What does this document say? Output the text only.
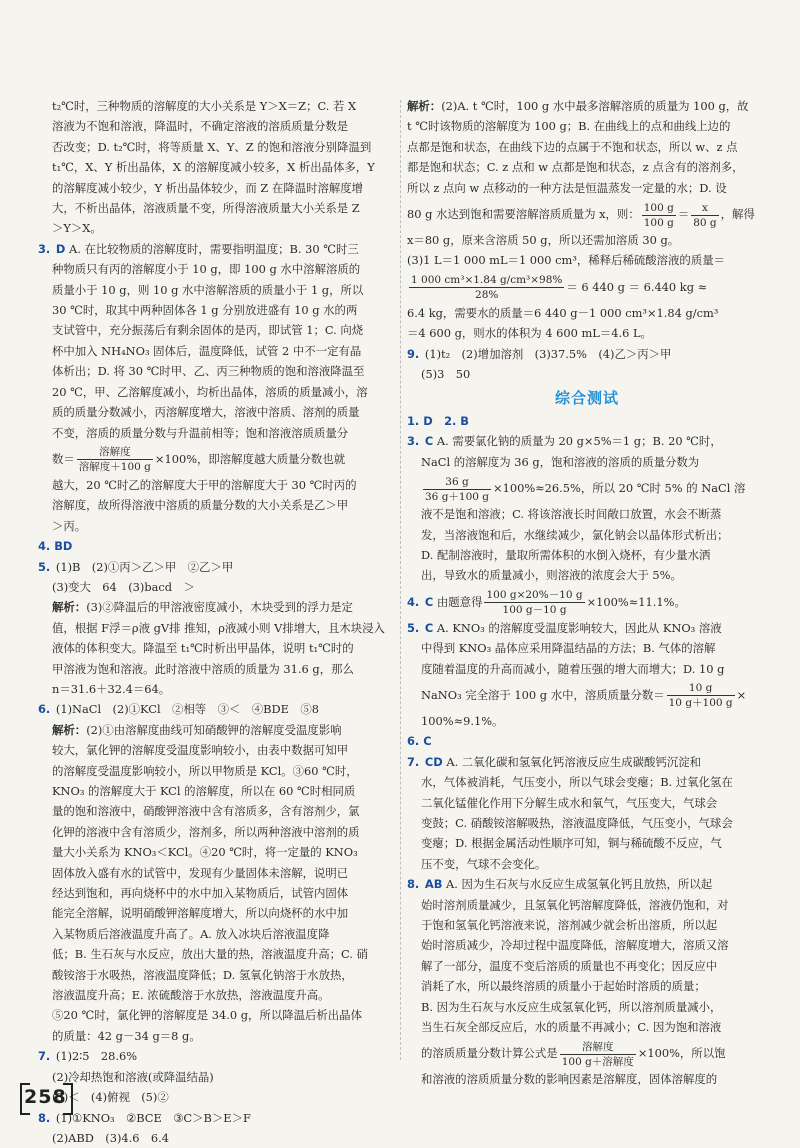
t₂℃时，三种物质的溶解度的大小关系是 Y＞X＝Z；C. 若 X

溶液为不饱和溶液，降温时，不确定溶液的溶质质量分数是

否改变；D. t₂℃时，将等质量 X、Y、Z 的饱和溶液分别降温到

t₁℃，X、Y 析出晶体，X 的溶解度减小较多，X 析出晶体多，Y

的溶解度减小较少，Y 析出晶体较少，而 Z 在降温时溶解度增

大，不析出晶体，溶液质量不变，所得溶液质量大小关系是 Z

＞Y＞X。

3. D A. 在比较物质的溶解度时，需要指明温度；B. 30 ℃时三

种物质只有丙的溶解度小于 10 g，即 100 g 水中溶解溶质的

质量小于 10 g，则 10 g 水中溶解溶质的质量小于 1 g，所以

30 ℃时，取其中两种固体各 1 g 分别放进盛有 10 g 水的两

支试管中，充分振荡后有剩余固体的是丙，即试管 1；C. 向烧

杯中加入 NH₄NO₃ 固体后，温度降低，试管 2 中不一定有晶

体析出；D. 将 30 ℃时甲、乙、丙三种物质的饱和溶液降温至

20 ℃，甲、乙溶解度减小，均析出晶体，溶质的质量减小，溶

质的质量分数减小，丙溶解度增大，溶液中溶质、溶剂的质量

不变，溶质的质量分数与升温前相等；饱和溶液溶质质量分

数＝ $\frac{\text{溶解度}}{\text{溶解度＋100 g}} \times 100\%$，即溶解度越大质量分数也就

越大，20 ℃时乙的溶解度大于甲的溶解度大于 30 ℃时丙的

溶解度，故所得溶液中溶质的质量分数的大小关系是乙＞甲

＞丙。

4. BD

5. (1)B　(2)①丙＞乙＞甲　②乙＞甲

(3)变大　64　(3)bacd　＞

解析：(3)②降温后的甲溶液密度减小，木块受到的浮力是定

值，根据 F浮＝ρ液 gV排 推知，ρ液减小则 V排增大，且木块浸入

液体的体积变大。降温至 t₁℃时析出甲晶体，说明 t₁℃时的

甲溶液为饱和溶液。此时溶液中溶质的质量为 31.6 g，那么

n＝31.6＋32.4＝64。

6. (1)NaCl　(2)①KCl　②相等　③＜　④BDE　⑤8

解析：(2)①由溶解度曲线可知硝酸钾的溶解度受温度影响

较大，氯化钾的溶解度受温度影响较小，由表中数据可知甲

的溶解度受温度影响较小，所以甲物质是 KCl。③60 ℃时，

KNO₃ 的溶解度大于 KCl 的溶解度，所以在 60 ℃时相同质

量的饱和溶液中，硝酸钾溶液中含有溶质多，含有溶剂少，氯

化钾的溶液中含有溶质少，溶剂多，所以两种溶液中溶剂的质

量大小关系为 KNO₃＜KCl。④20 ℃时，将一定量的 KNO₃

固体放入盛有水的试管中，发现有少量固体未溶解，说明已

经达到饱和，再向烧杯中的水中加入某物质后，试管内固体

能完全溶解，说明硝酸钾溶解度增大，所以向烧杯的水中加

入某物质后溶液温度升高了。A. 放入冰块后溶液温度降

低；B. 生石灰与水反应，放出大量的热，溶液温度升高；C. 硝

酸铵溶于水吸热，溶液温度降低；D. 氢氧化钠溶于水放热，

溶液温度升高；E. 浓硫酸溶于水放热，溶液温度升高。

⑤20 ℃时，氯化钾的溶解度是 34.0 g，所以降温后析出晶体

的质量：42 g－34 g＝8 g。

7. (1)2∶5　28.6%

(2)冷却热饱和溶液(或降温结晶)

(3)＜　(4)俯视　(5)②

8. (1)①KNO₃　②BCE　③C＞B＞E＞F

(2)ABD　(3)4.6　6.4

解析：(2)A. t ℃时，100 g 水中最多溶解溶质的质量为 100 g，故

t ℃时该物质的溶解度为 100 g；B. 在曲线上的点和曲线上边的

点都是饱和状态，在曲线下边的点属于不饱和状态，所以 w、z 点

都是饱和状态；C. z 点和 w 点都是饱和状态，z 点含有的溶剂多，

所以 z 点向 w 点移动的一种方法是恒温蒸发一定量的水；D. 设

80 g 水达到饱和需要溶解溶质质量为 x，则： $\frac{100 g}{100 g} = \frac{x}{80 g}$ ，解得

x＝80 g，原来含溶质 50 g，所以还需加溶质 30 g。

(3)1 L＝1 000 mL＝1 000 cm³，稀释后稀硫酸溶液的质量＝

$\frac{\text{1 000 cm³×1.84 g/cm³×98\%}}{28\%} = 6$ 440 g ＝ 6.440 kg ≈

6.4 kg，需要水的质量＝6 440 g－1 000 cm³×1.84 g/cm³

＝4 600 g，则水的体积为 4 600 mL＝4.6 L。

9. (1)t₂　(2)增加溶剂　(3)37.5%　(4)乙＞丙＞甲

(5)3　50

综合测试

1. D　2. B

3. C A. 需要氯化钠的质量为 20 g×5%＝1 g；B. 20 ℃时，

NaCl 的溶解度为 36 g，饱和溶液的溶质的质量分数为

$\frac{36 g}{36 g+100 g} \times 100\%\approx 26.5\%$，所以 20 ℃时 5% 的 NaCl 溶

液不是饱和溶液；C. 将该溶液长时间敞口放置，水会不断蒸

发，当溶液饱和后，水继续减少，氯化钠会以晶体形式析出；

D. 配制溶液时，量取所需体积的水倒入烧杯，有少量水洒

出，导致水的质量减小，则溶液的浓度会大于 5%。

4. C 由题意得 $\frac{100 g\times 20\%-10 g}{100 g-10 g} \times 100\%\approx 11.1\%$。

5. C A. KNO₃ 的溶解度受温度影响较大，因此从 KNO₃ 溶液

中得到 KNO₃ 晶体应采用降温结晶的方法；B. 气体的溶解

度随着温度的升高而减小，随着压强的增大而增大；D. 10 g

NaNO₃ 完全溶于 100 g 水中，溶质质量分数＝ $\frac{10 g}{10 g+100 g}$ ×

100%≈9.1%。

6. C

7. CD A. 二氧化碳和氢氧化钙溶液反应生成碳酸钙沉淀和

水，气体被消耗，气压变小，所以气球会变瘪；B. 过氧化氢在

二氧化锰催化作用下分解生成水和氧气，气压变大，气球会

变鼓；C. 硝酸铵溶解吸热，溶液温度降低，气压变小，气球会

变瘪；D. 根据金属活动性顺序可知，铜与稀硫酸不反应，气

压不变，气球不会变化。

8. AB A. 因为生石灰与水反应生成氢氧化钙且放热，所以起

始时溶剂质量减少，且氢氧化钙溶解度降低，溶液仍饱和，对

于饱和氢氧化钙溶液来说，溶剂减少就会析出溶质，所以起

始时溶质减少，冷却过程中温度降低，溶解度增大，溶质又溶

解了一部分，温度不变后溶质的质量也不再变化；因反应中

消耗了水，所以最终溶质的质量小于起始时溶质的质量；

B. 因为生石灰与水反应生成氢氧化钙，所以溶剂质量减小，

当生石灰全部反应后，水的质量不再减小；C. 因为饱和溶液

的溶质质量分数计算公式是 $\frac{\text{溶解度}}{\text{100 g＋溶解度}} \times 100\%$，所以饱

和溶液的溶质质量分数的影响因素是溶解度，固体溶解度的

258
